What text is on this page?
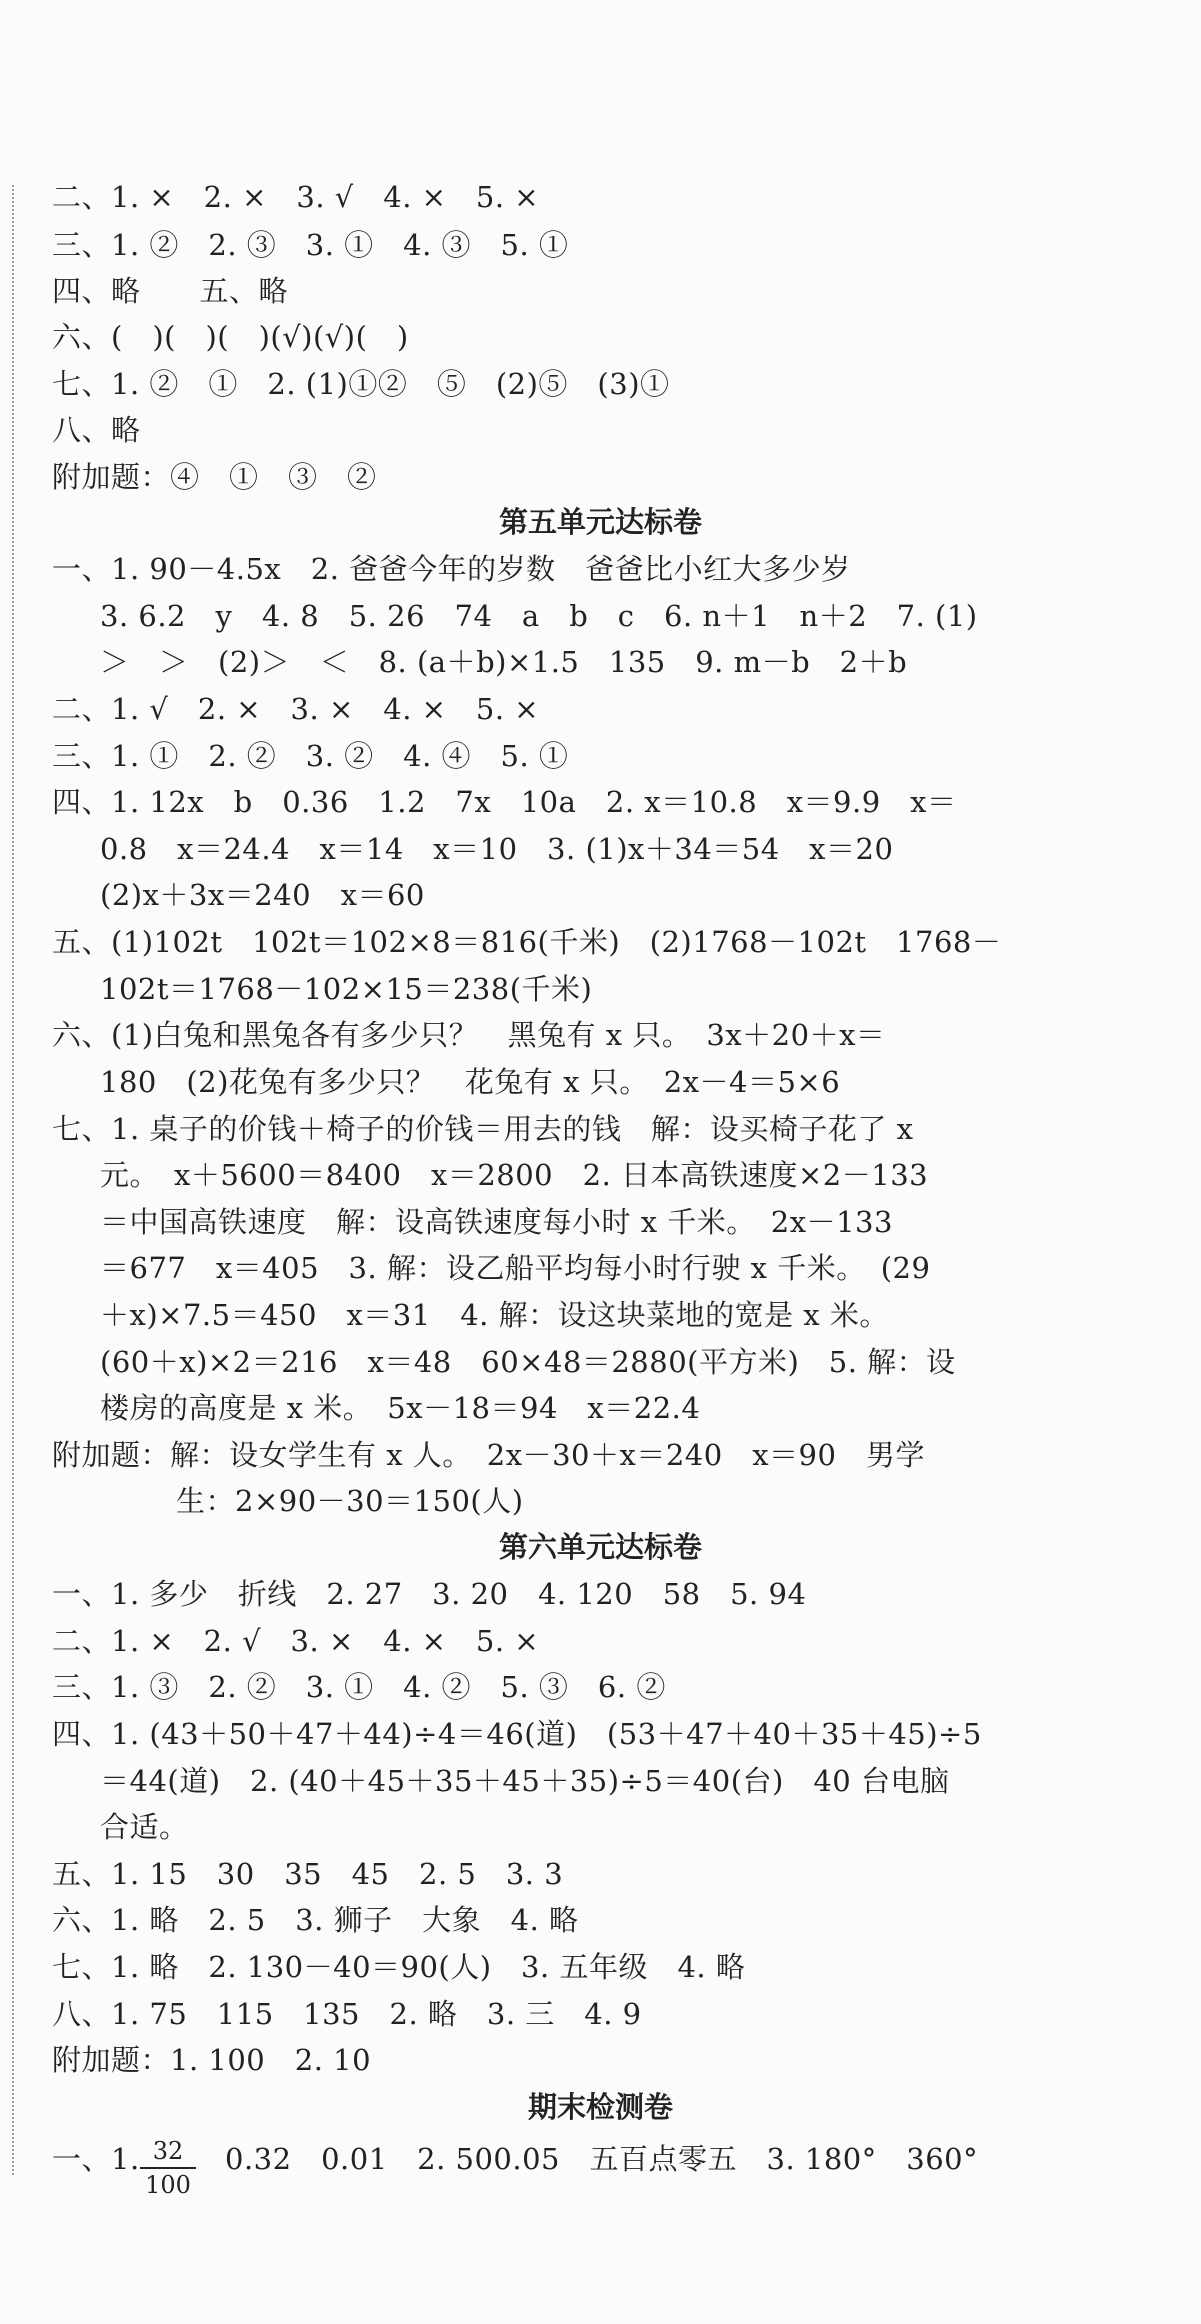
二、1. ×　2. ×　3. √　4. ×　5. ×
三、1. ②　2. ③　3. ①　4. ③　5. ①
四、略　　五、略
六、(　)(　)(　)(√)(√)(　)
七、1. ②　①　2. (1)①②　⑤　(2)⑤　(3)①
八、略
附加题：④　①　③　②
第五单元达标卷
一、1. 90－4.5x　2. 爸爸今年的岁数　爸爸比小红大多少岁
3. 6.2　y　4. 8　5. 26　74　a　b　c　6. n＋1　n＋2　7. (1)
＞　＞　(2)＞　＜　8. (a＋b)×1.5　135　9. m－b　2＋b
二、1. √　2. ×　3. ×　4. ×　5. ×
三、1. ①　2. ②　3. ②　4. ④　5. ①
四、1. 12x　b　0.36　1.2　7x　10a　2. x＝10.8　x＝9.9　x＝
0.8　x＝24.4　x＝14　x＝10　3. (1)x＋34＝54　x＝20
(2)x＋3x＝240　x＝60
五、(1)102t　102t＝102×8＝816(千米)　(2)1768－102t　1768－
102t＝1768－102×15＝238(千米)
六、(1)白兔和黑兔各有多少只？　黑兔有 x 只。　3x＋20＋x＝
180　(2)花兔有多少只？　花兔有 x 只。　2x－4＝5×6
七、1. 桌子的价钱＋椅子的价钱＝用去的钱　解：设买椅子花了 x
元。　x＋5600＝8400　x＝2800　2. 日本高铁速度×2－133
＝中国高铁速度　解：设高铁速度每小时 x 千米。　2x－133
＝677　x＝405　3. 解：设乙船平均每小时行驶 x 千米。　(29
＋x)×7.5＝450　x＝31　4. 解：设这块菜地的宽是 x 米。
(60＋x)×2＝216　x＝48　60×48＝2880(平方米)　5. 解：设
楼房的高度是 x 米。　5x－18＝94　x＝22.4
附加题：解：设女学生有 x 人。　2x－30＋x＝240　x＝90　男学
生：2×90－30＝150(人)
第六单元达标卷
一、1. 多少　折线　2. 27　3. 20　4. 120　58　5. 94
二、1. ×　2. √　3. ×　4. ×　5. ×
三、1. ③　2. ②　3. ①　4. ②　5. ③　6. ②
四、1. (43＋50＋47＋44)÷4＝46(道)　(53＋47＋40＋35＋45)÷5
＝44(道)　2. (40＋45＋35＋45＋35)÷5＝40(台)　40 台电脑
合适。
五、1. 15　30　35　45　2. 5　3. 3
六、1. 略　2. 5　3. 狮子　大象　4. 略
七、1. 略　2. 130－40＝90(人)　3. 五年级　4. 略
八、1. 75　115　135　2. 略　3. 三　4. 9
附加题：1. 100　2. 10
期末检测卷
一、1. $\frac{32}{100} 0.32$　0.01　2. 500.05　五百点零五　3. 180°　360°
